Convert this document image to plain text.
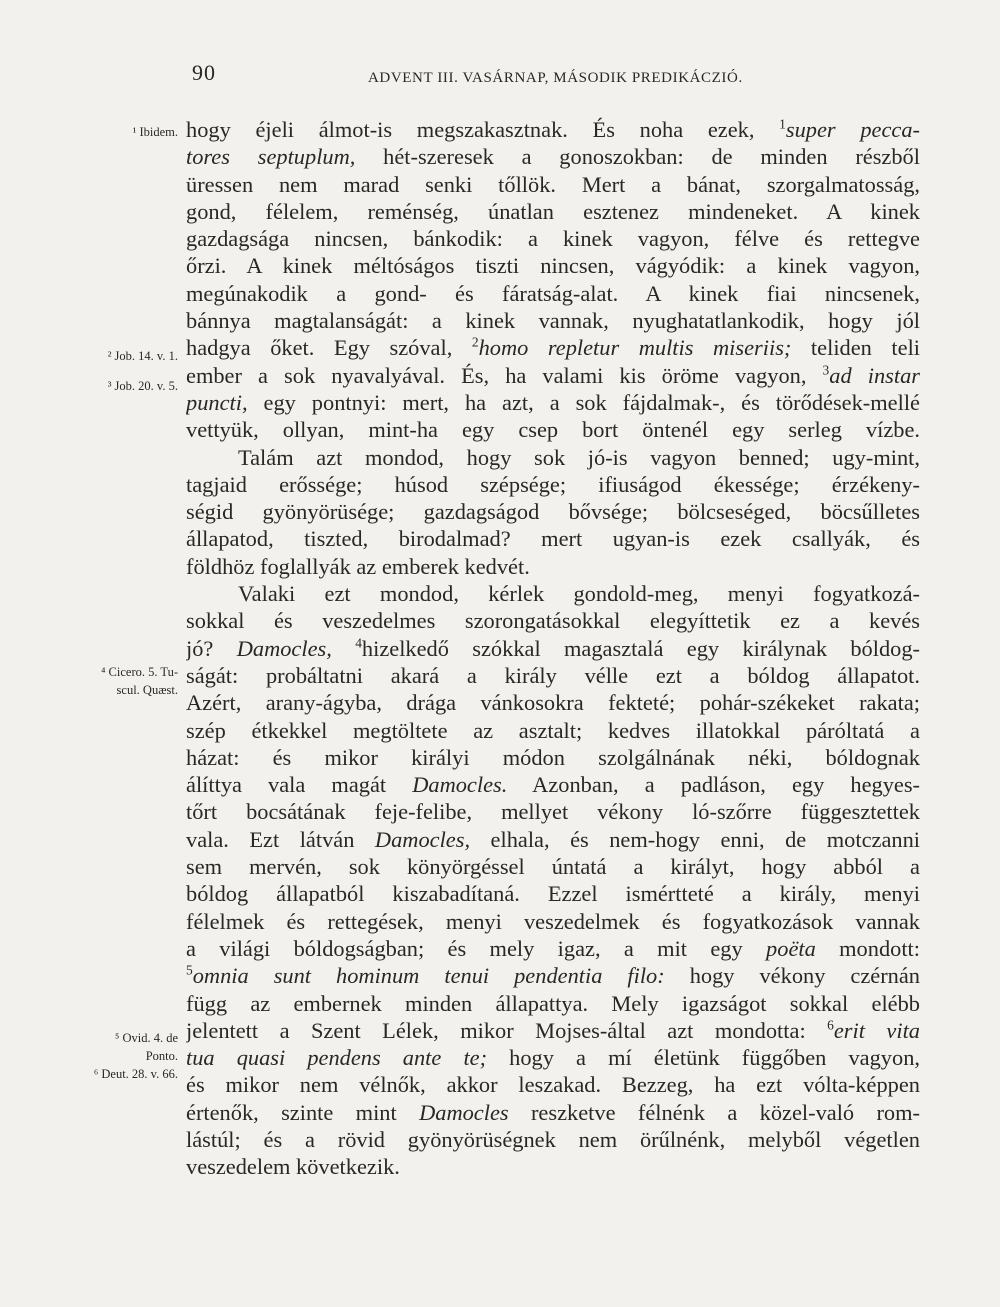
90	ADVENT III. VASÁRNAP, MÁSODIK PREDIKÁCZIÓ.
¹ Ibidem.
² Job. 14. v. 1.
³ Job. 20. v. 5.
⁴ Cicero. 5. Tu-
scul. Quæst.
⁵ Ovid. 4. de
Ponto.
⁶ Deut. 28. v. 66.
hogy éjeli álmot-is megszakasztnak. És noha ezek, $^1$super pecca-
tores septuplum, hét-szeresek a gonoszokban: de minden részből
üressen nem marad senki tőllök. Mert a bánat, szorgalmatosság,
gond, félelem, reménség, únatlan esztenez mindeneket. A kinek
gazdagsága nincsen, bánkodik: a kinek vagyon, félve és rettegve
őrzi. A kinek méltóságos tiszti nincsen, vágyódik: a kinek vagyon,
megúnakodik a gond- és fáratság-alat. A kinek fiai nincsenek,
bánnya magtalanságát: a kinek vannak, nyughatatlankodik, hogy jól
hadgya őket. Egy szóval, $^2$homo repletur multis miseriis; teliden teli
ember a sok nyavalyával. És, ha valami kis öröme vagyon, $^3$ad instar
puncti, egy pontnyi: mert, ha azt, a sok fájdalmak-, és törődések-mellé
vettyük, ollyan, mint-ha egy csep bort öntenél egy serleg vízbe.
Talám azt mondod, hogy sok jó-is vagyon benned; ugy-mint,
tagjaid erőssége; húsod szépsége; ifiuságod ékessége; érzékeny-
ségid gyönyörüsége; gazdagságod bővsége; bölcseséged, böcsűlletes
állapatod, tiszted, birodalmad? mert ugyan-is ezek csallyák, és
földhöz foglallyák az emberek kedvét.
Valaki ezt mondod, kérlek gondold-meg, menyi fogyatkozá-
sokkal és veszedelmes szorongatásokkal elegyíttetik ez a kevés
jó? Damocles, $^4$hizelkedő szókkal magasztalá egy királynak bóldog-
ságát: probáltatni akará a király vélle ezt a bóldog állapatot.
Azért, arany-ágyba, drága vánkosokra fekteté; pohár-székeket rakata;
szép étkekkel megtöltete az asztalt; kedves illatokkal páróltatá a
házat: és mikor királyi módon szolgálnának néki, bóldognak
álíttya vala magát Damocles. Azonban, a padláson, egy hegyes-
tőrt bocsátának feje-felibe, mellyet vékony ló-szőrre függesztettek
vala. Ezt látván Damocles, elhala, és nem-hogy enni, de motczanni
sem mervén, sok könyörgéssel úntatá a királyt, hogy abból a
bóldog állapatból kiszabadítaná. Ezzel ismértteté a király, menyi
félelmek és rettegések, menyi veszedelmek és fogyatkozások vannak
a világi bóldogságban; és mely igaz, a mit egy poëta mondott:
$^5$omnia sunt hominum tenui pendentia filo: hogy vékony czérnán
függ az embernek minden állapattya. Mely igazságot sokkal elébb
jelentett a Szent Lélek, mikor Mojses-által azt mondotta: $^6$erit vita
tua quasi pendens ante te; hogy a mí életünk függőben vagyon,
és mikor nem vélnők, akkor leszakad. Bezzeg, ha ezt vólta-képpen
értenők, szinte mint Damocles reszketve félnénk a közel-való rom-
lástúl; és a rövid gyönyörüségnek nem örűlnénk, melyből végetlen
veszedelem következik.
